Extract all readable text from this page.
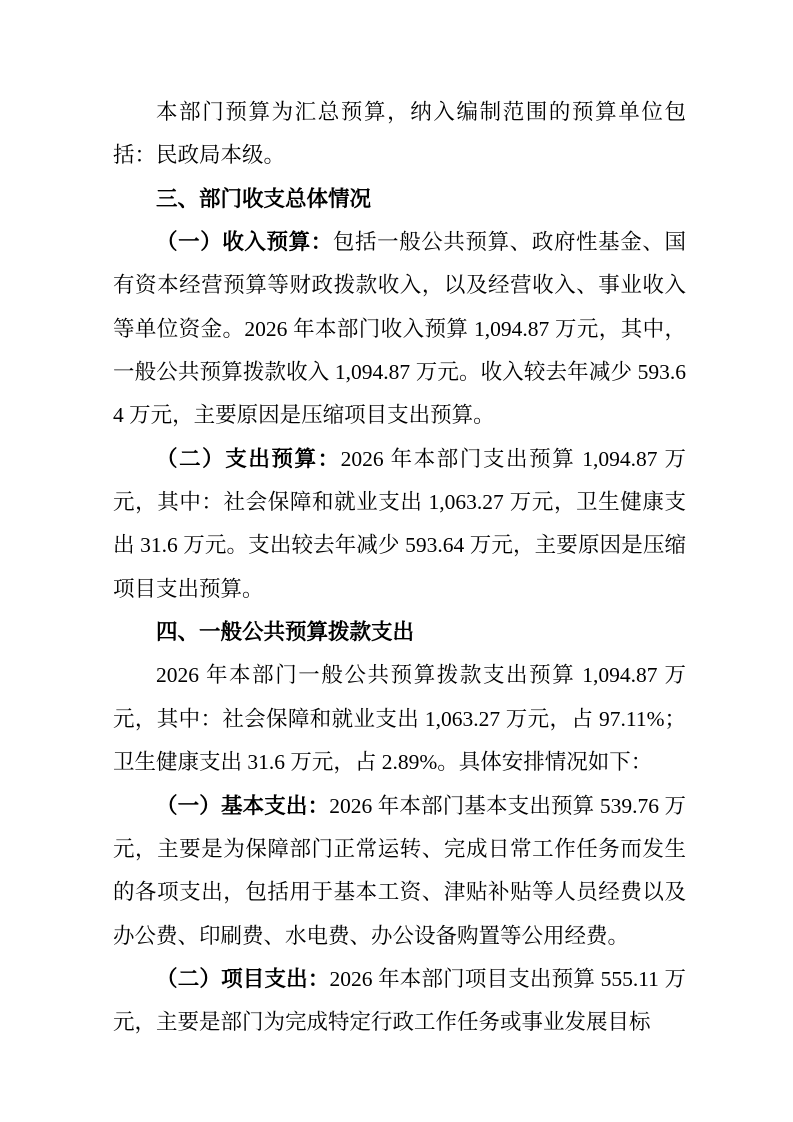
本部门预算为汇总预算，纳入编制范围的预算单位包括：民政局本级。

三、部门收支总体情况

（一）收入预算：包括一般公共预算、政府性基金、国有资本经营预算等财政拨款收入，以及经营收入、事业收入等单位资金。2026 年本部门收入预算 1,094.87 万元，其中，一般公共预算拨款收入 1,094.87 万元。收入较去年减少 593.64 万元，主要原因是压缩项目支出预算。

（二）支出预算：2026 年本部门支出预算 1,094.87 万元，其中：社会保障和就业支出 1,063.27 万元，卫生健康支出 31.6 万元。支出较去年减少 593.64 万元，主要原因是压缩项目支出预算。

四、一般公共预算拨款支出

2026 年本部门一般公共预算拨款支出预算 1,094.87 万元，其中：社会保障和就业支出 1,063.27 万元，占 97.11%；卫生健康支出 31.6 万元，占 2.89%。具体安排情况如下：

（一）基本支出：2026 年本部门基本支出预算 539.76 万元，主要是为保障部门正常运转、完成日常工作任务而发生的各项支出，包括用于基本工资、津贴补贴等人员经费以及办公费、印刷费、水电费、办公设备购置等公用经费。

（二）项目支出：2026 年本部门项目支出预算 555.11 万元，主要是部门为完成特定行政工作任务或事业发展目标
